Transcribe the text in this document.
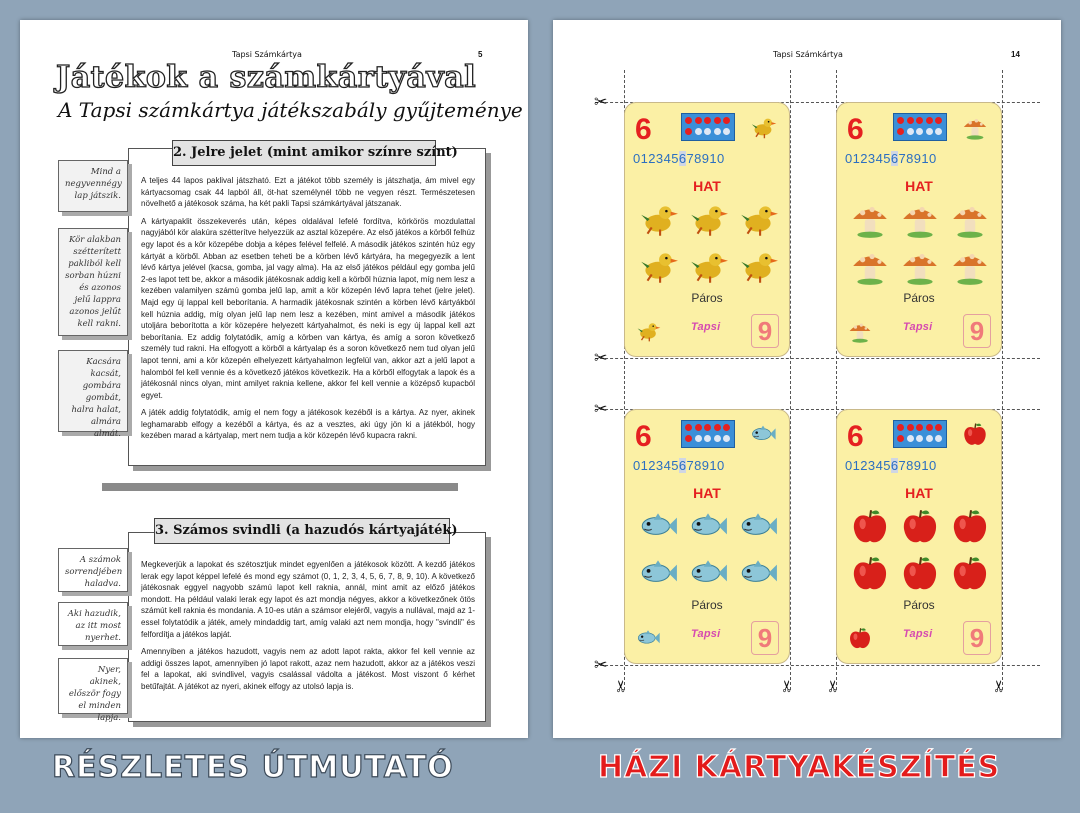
Tapsi Számkártya	5
Játékok a számkártyával
A Tapsi számkártya játékszabály gyűjteménye

A teljes 44 lapos paklival játszható. Ezt a játékot több személy is játszhatja, ám mivel egy kártyacsomag csak 44 lapból áll, öt-hat személynél több ne vegyen részt. Természetesen növelhető a játékosok száma, ha két pakli Tapsi számkártyával játszanak.

A kártyapaklit összekeverés után, képes oldalával lefelé fordítva, körkörös mozdulattal nagyjából kör alakúra szétterítve helyezzük az asztal közepére. Az első játékos a körből felhúz egy lapot és a kör közepébe dobja a képes felével felfelé. A második játékos szintén húz egy kártyát a körből. Abban az esetben teheti be a körben lévő kártyára, ha megegyezik a lent lévő kártya jelével (kacsa, gomba, jal vagy alma). Ha az első játékos például egy gomba jelű 2-es lapot tett be, akkor a második játékosnak addig kell a körből húznia lapot, míg nem lesz a kezében valamilyen számú gomba jelű lap, amit a kör közepén lévő lapra tehet (jelre jelet). Majd egy új lappal kell beborítania. A harmadik játékosnak szintén a körben lévő kártyákból kell húznia addig, míg olyan jelű lap nem lesz a kezében, mint amivel a második játékos utoljára beborította a kör közepére helyezett kártyahalmot, és neki is egy új lappal kell azt beborítania. Ez addig folytatódik, amíg a körben van kártya, és amíg a soron következő személy tud rakni. Ha elfogyott a körből a kártyalap és a soron következő nem tud olyan jelű lapot tenni, ami a kör közepén elhelyezett kártyahalmon legfelül van, akkor azt a jelű lapot a halomból fel kell vennie és a következő játékos következik. Ha a körből elfogytak a lapok és a játékosnál nincs olyan, mint amilyet raknia kellene, akkor fel kell vennie a középső kupacból egyet.

A játék addig folytatódik, amíg el nem fogy a játékosok kezéből is a kártya. Az nyer, akinek leghamarabb elfogy a kezéből a kártya, és az a vesztes, aki úgy jön ki a játékból, hogy kezében marad a kártyalap, mert nem tudja a kör közepén lévő kupacra rakni.

2. Jelre jelet (mint amikor színre színt)

Megkeverjük a lapokat és szétosztjuk mindet egyenlően a játékosok között. A kezdő játékos lerak egy lapot képpel lefelé és mond egy számot (0, 1, 2, 3, 4, 5, 6, 7, 8, 9, 10). A következő játékosnak eggyel nagyobb számú lapot kell raknia, annál, mint amit az előző játékos mondott. Ha például valaki lerak egy lapot és azt mondja négyes, akkor a következőnek ötös számút kell raknia és mondania. A 10-es után a számsor elejéről, vagyis a nullával, majd az 1-essel folytatódik a játék, amely mindaddig tart, amíg valaki azt nem mondja, hogy "svindli" és felfordítja a játékos lapját.

Amennyiben a játékos hazudott, vagyis nem az adott lapot rakta, akkor fel kell vennie az addigi összes lapot, amennyiben jó lapot rakott, azaz nem hazudott, akkor az a játékos veszi fel a lapokat, aki svindlivel, vagyis csalással vádolta a játékost. Most viszont ő kérhet betűfajtát. A játékot az nyeri, akinek elfogy az utolsó lapja is.

3. Számos svindli (a hazudós kártyajáték)
Mind a negyvennégy lap játszik.
Kör alakban szétterített pakliból kell sorban húzni és azonos jelű lappra azonos jelűt kell rakni.
Kacsára kacsát, gombára gombát, halra halat, almára almát.
A számok sorrendjében haladva.
Aki hazudik, az itt most nyerhet.
Nyer, akinek, először fogy el minden lapja.
Tapsi Számkártya	14
✂
✂
✂
✂
✂	✂ ✂	✂
6
012345678910
HAT
Páros
Tapsi 9
6
012345678910
HAT
Páros
Tapsi 9
6
012345678910
HAT
Páros
Tapsi 9
6
012345678910
HAT
Páros
Tapsi 9
RÉSZLETES ÚTMUTATÓ	HÁZI KÁRTYAKÉSZÍTÉS
